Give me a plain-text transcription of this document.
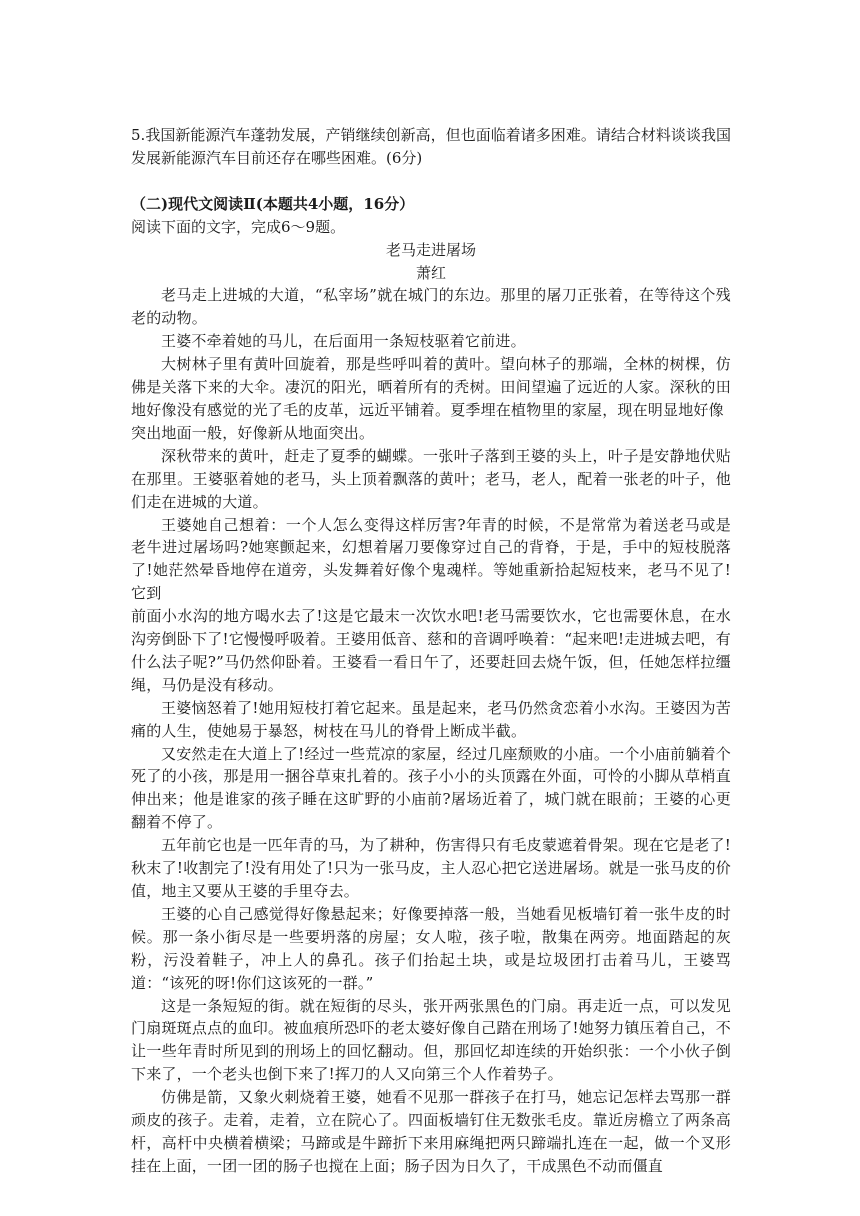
5.我国新能源汽车蓬勃发展，产销继续创新高，但也面临着诸多困难。请结合材料谈谈我国发展新能源汽车目前还存在哪些困难。(6分)

（二)现代文阅读Ⅱ(本题共4小题，16分）

阅读下面的文字，完成6～9题。

老马走进屠场

萧红

老马走上进城的大道，“私宰场”就在城门的东边。那里的屠刀正张着，在等待这个残老的动物。

王婆不牵着她的马儿，在后面用一条短枝驱着它前进。

大树林子里有黄叶回旋着，那是些呼叫着的黄叶。望向林子的那端，全林的树棵，仿佛是关落下来的大伞。凄沉的阳光，晒着所有的秃树。田间望遍了远近的人家。深秋的田地好像没有感觉的光了毛的皮革，远近平铺着。夏季埋在植物里的家屋，现在明显地好像

突出地面一般，好像新从地面突出。

深秋带来的黄叶，赶走了夏季的蝴蝶。一张叶子落到王婆的头上，叶子是安静地伏贴在那里。王婆驱着她的老马，头上顶着飘落的黄叶；老马，老人，配着一张老的叶子，他们走在进城的大道。

王婆她自己想着：一个人怎么变得这样厉害?年青的时候，不是常常为着送老马或是老牛进过屠场吗?她寒颤起来，幻想着屠刀要像穿过自己的背脊，于是，手中的短枝脱落了!她茫然晕昏地停在道旁，头发舞着好像个鬼魂样。等她重新拾起短枝来，老马不见了!它到

前面小水沟的地方喝水去了!这是它最末一次饮水吧!老马需要饮水，它也需要休息，在水沟旁倒卧下了!它慢慢呼吸着。王婆用低音、慈和的音调呼唤着：“起来吧!走进城去吧，有什么法子呢?”马仍然仰卧着。王婆看一看日午了，还要赶回去烧午饭，但，任她怎样拉缰绳，马仍是没有移动。

王婆恼怒着了!她用短枝打着它起来。虽是起来，老马仍然贪恋着小水沟。王婆因为苦痛的人生，使她易于暴怒，树枝在马儿的脊骨上断成半截。

又安然走在大道上了!经过一些荒凉的家屋，经过几座颓败的小庙。一个小庙前躺着个死了的小孩，那是用一捆谷草束扎着的。孩子小小的头顶露在外面，可怜的小脚从草梢直伸出来；他是谁家的孩子睡在这旷野的小庙前?屠场近着了，城门就在眼前；王婆的心更翻着不停了。

五年前它也是一匹年青的马，为了耕种，伤害得只有毛皮蒙遮着骨架。现在它是老了!秋末了!收割完了!没有用处了!只为一张马皮，主人忍心把它送进屠场。就是一张马皮的价值，地主又要从王婆的手里夺去。

王婆的心自己感觉得好像悬起来；好像要掉落一般，当她看见板墙钉着一张牛皮的时候。那一条小街尽是一些要坍落的房屋；女人啦，孩子啦，散集在两旁。地面踏起的灰粉，污没着鞋子，冲上人的鼻孔。孩子们抬起土块，或是垃圾团打击着马儿，王婆骂道：“该死的呀!你们这该死的一群。”

这是一条短短的街。就在短街的尽头，张开两张黑色的门扇。再走近一点，可以发见门扇斑斑点点的血印。被血痕所恐吓的老太婆好像自己踏在刑场了!她努力镇压着自己，不让一些年青时所见到的刑场上的回忆翻动。但，那回忆却连续的开始织张：一个小伙子倒下来了，一个老头也倒下来了!挥刀的人又向第三个人作着势子。

仿佛是箭，又象火刺烧着王婆，她看不见那一群孩子在打马，她忘记怎样去骂那一群顽皮的孩子。走着，走着，立在院心了。四面板墙钉住无数张毛皮。靠近房檐立了两条高杆，高杆中央横着横梁；马蹄或是牛蹄折下来用麻绳把两只蹄端扎连在一起，做一个叉形挂在上面，一团一团的肠子也搅在上面；肠子因为日久了，干成黑色不动而僵直
